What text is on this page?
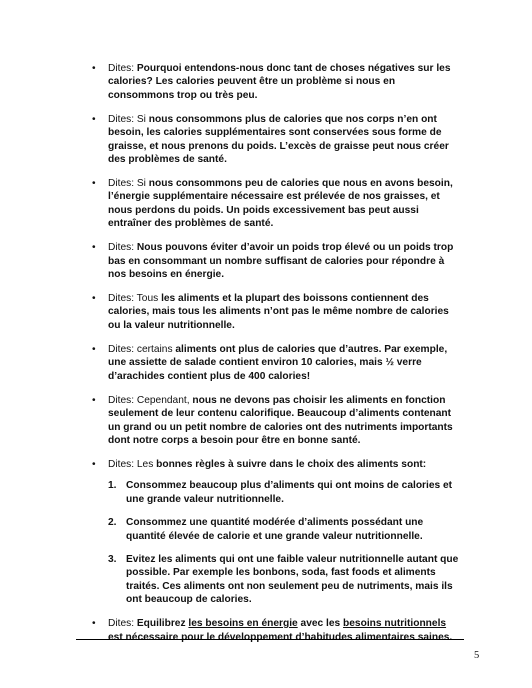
• Dites: Pourquoi entendons-nous donc tant de choses négatives sur les calories? Les calories peuvent être un problème si nous en consommons trop ou très peu.
• Dites: Si nous consommons plus de calories que nos corps n’en ont besoin, les calories supplémentaires sont conservées sous forme de graisse, et nous prenons du poids. L’excès de graisse peut nous créer des problèmes de santé.
• Dites: Si nous consommons peu de calories que nous en avons besoin, l’énergie supplémentaire nécessaire est prélevée de nos graisses, et nous perdons du poids. Un poids excessivement bas peut aussi entraîner des problèmes de santé.
• Dites: Nous pouvons éviter d’avoir un poids trop élevé ou un poids trop bas en consommant un nombre suffisant de calories pour répondre à nos besoins en énergie.
• Dites: Tous les aliments et la plupart des boissons contiennent des calories, mais tous les aliments n’ont pas le même nombre de calories ou la valeur nutritionnelle.
• Dites: certains aliments ont plus de calories que d’autres. Par exemple, une assiette de salade contient environ 10 calories, mais ½ verre d’arachides contient plus de 400 calories!
• Dites: Cependant, nous ne devons pas choisir les aliments en fonction seulement de leur contenu calorifique. Beaucoup d’aliments contenant un grand ou un petit nombre de calories ont des nutriments importants dont notre corps a besoin pour être en bonne santé.
• Dites: Les bonnes règles à suivre dans le choix des aliments sont:
1. Consommez beaucoup plus d’aliments qui ont moins de calories et une grande valeur nutritionnelle.
2. Consommez une quantité modérée d’aliments possédant une quantité élevée de calorie et une grande valeur nutritionnelle.
3. Evitez les aliments qui ont une faible valeur nutritionnelle autant que possible. Par exemple les bonbons, soda, fast foods et aliments traités. Ces aliments ont non seulement peu de nutriments, mais ils ont beaucoup de calories.
• Dites: Equilibrez les besoins en énergie avec les besoins nutritionnels est nécessaire pour le développement d’habitudes alimentaires saines.
5
